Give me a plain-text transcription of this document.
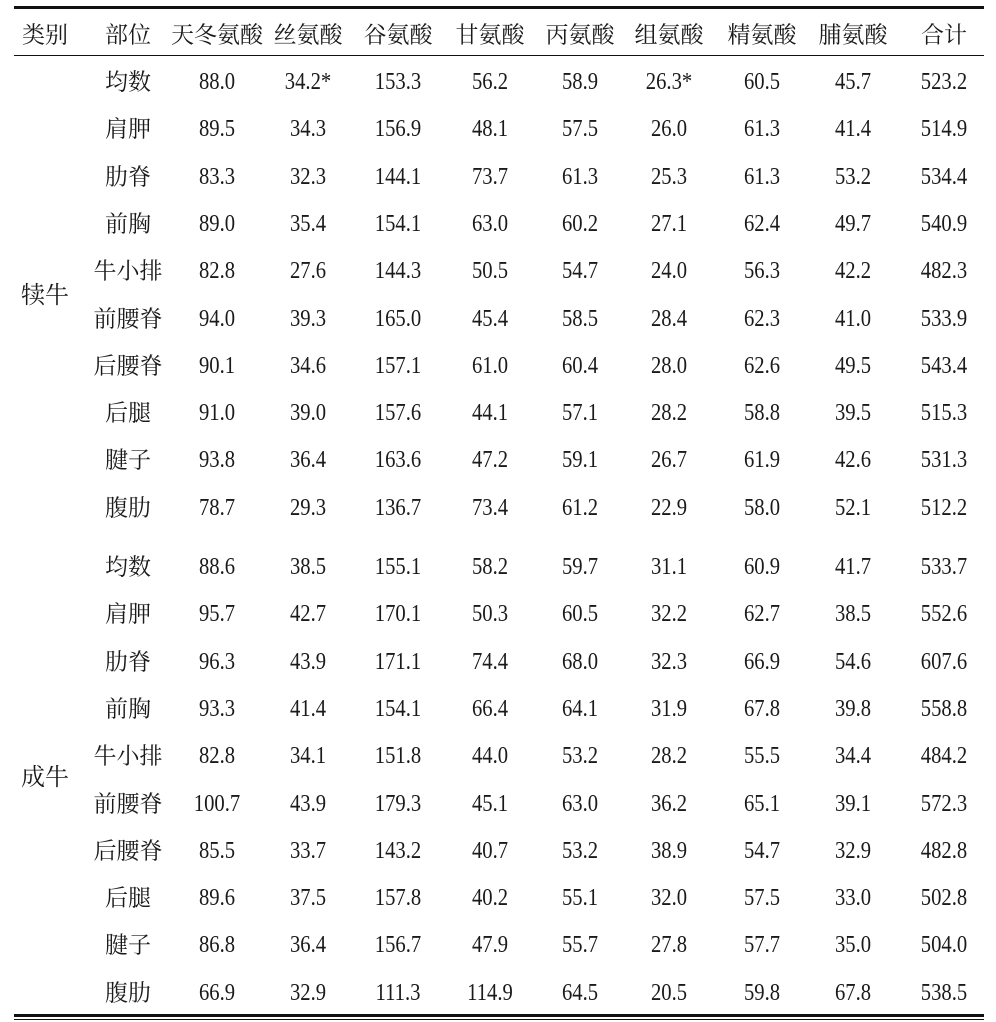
类别 部位 天冬氨酸 丝氨酸 谷氨酸 甘氨酸 丙氨酸 组氨酸 精氨酸 脯氨酸 合计
犊牛
均数 88.0 34.2* 153.3 56.2 58.9 26.3* 60.5 45.7 523.2
肩胛 89.5 34.3 156.9 48.1 57.5 26.0 61.3 41.4 514.9
肋脊 83.3 32.3 144.1 73.7 61.3 25.3 61.3 53.2 534.4
前胸 89.0 35.4 154.1 63.0 60.2 27.1 62.4 49.7 540.9
牛小排 82.8 27.6 144.3 50.5 54.7 24.0 56.3 42.2 482.3
前腰脊 94.0 39.3 165.0 45.4 58.5 28.4 62.3 41.0 533.9
后腰脊 90.1 34.6 157.1 61.0 60.4 28.0 62.6 49.5 543.4
后腿 91.0 39.0 157.6 44.1 57.1 28.2 58.8 39.5 515.3
腱子 93.8 36.4 163.6 47.2 59.1 26.7 61.9 42.6 531.3
腹肋 78.7 29.3 136.7 73.4 61.2 22.9 58.0 52.1 512.2
成牛
均数 88.6 38.5 155.1 58.2 59.7 31.1 60.9 41.7 533.7
肩胛 95.7 42.7 170.1 50.3 60.5 32.2 62.7 38.5 552.6
肋脊 96.3 43.9 171.1 74.4 68.0 32.3 66.9 54.6 607.6
前胸 93.3 41.4 154.1 66.4 64.1 31.9 67.8 39.8 558.8
牛小排 82.8 34.1 151.8 44.0 53.2 28.2 55.5 34.4 484.2
前腰脊 100.7 43.9 179.3 45.1 63.0 36.2 65.1 39.1 572.3
后腰脊 85.5 33.7 143.2 40.7 53.2 38.9 54.7 32.9 482.8
后腿 89.6 37.5 157.8 40.2 55.1 32.0 57.5 33.0 502.8
腱子 86.8 36.4 156.7 47.9 55.7 27.8 57.7 35.0 504.0
腹肋 66.9 32.9 111.3 114.9 64.5 20.5 59.8 67.8 538.5
